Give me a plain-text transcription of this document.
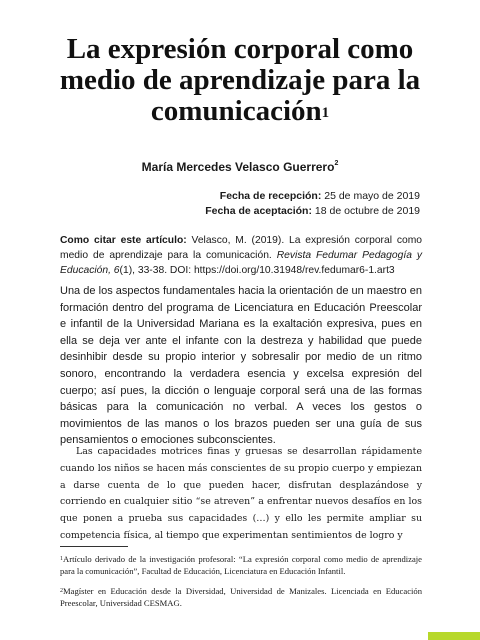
La expresión corporal como medio de aprendizaje para la comunicación$^1$
María Mercedes Velasco Guerrero$^2$
Fecha de recepción: 25 de mayo de 2019
Fecha de aceptación: 18 de octubre de 2019
Como citar este artículo: Velasco, M. (2019). La expresión corporal como medio de aprendizaje para la comunicación. Revista Fedumar Pedagogía y Educación, 6(1), 33-38. DOI: https://doi.org/10.31948/rev.fedumar6-1.art3

Una de los aspectos fundamentales hacia la orientación de un maestro en formación dentro del programa de Licenciatura en Educación Preescolar e infantil de la Universidad Mariana es la exaltación expresiva, pues en ella se deja ver ante el infante con la destreza y habilidad que puede desinhibir desde su propio interior y sobresalir por medio de un ritmo sonoro, encontrando la verdadera esencia y excelsa expresión del cuerpo; así pues, la dicción o lenguaje corporal será una de las formas básicas para la comunicación no verbal. A veces los gestos o movimientos de las manos o los brazos pueden ser una guía de sus pensamientos o emociones subconscientes.

Las capacidades motrices finas y gruesas se desarrollan rápidamente cuando los niños se hacen más conscientes de su propio cuerpo y empiezan a darse cuenta de lo que pueden hacer, disfrutan desplazándose y corriendo en cualquier sitio “se atreven” a enfrentar nuevos desafíos en los que ponen a prueba sus capacidades (…) y ello les permite ampliar su competencia física, al tiempo que experimentan sentimientos de logro y

$^1$Artículo derivado de la investigación profesoral: “La expresión corporal como medio de aprendizaje para la comunicación”, Facultad de Educación, Licenciatura en Educación Infantil.
$^2$Magíster en Educación desde la Diversidad, Universidad de Manizales. Licenciada en Educación Preescolar, Universidad CESMAG.
